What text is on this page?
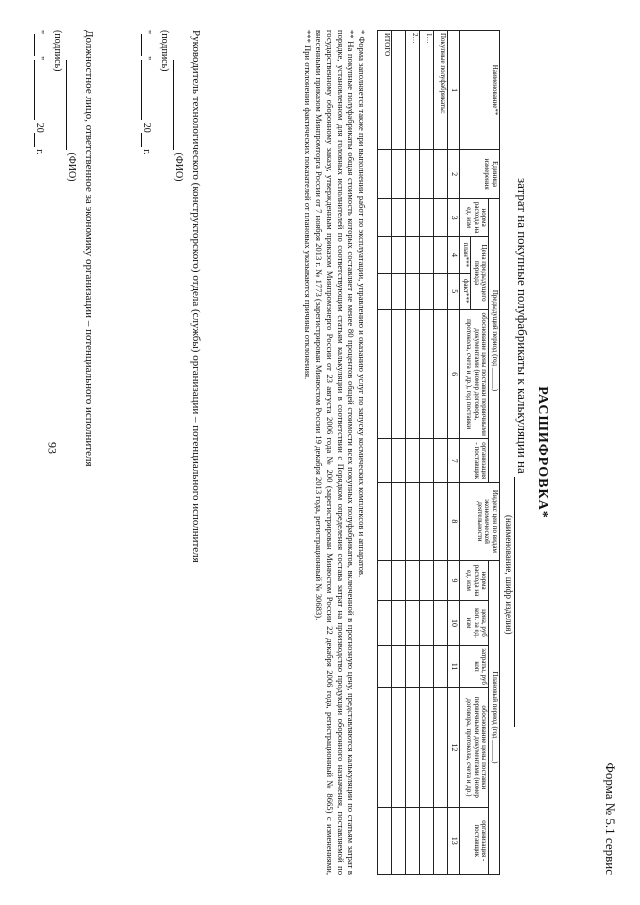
93
Форма № 5.1 сервис
РАСШИФРОВКА*
затрат на покупные полуфабрикаты к калькуляции на
(наименование, шифр изделия)
Наименование**	Единица измерения	Предыдущий период (год ______)					Индекс цен по видам экономической деятельности	Плановый период (год ______)				
		норма расхода на ед. изм	Цена предыдущего периода		обоснование цены поставки первичными документами (номер договора, протокола, счета и др.), год поставки	организация - поставщик		норма расхода на ед. изм	цена, руб коп. за ед. изм	затраты, руб коп	обоснование цены поставки первичными документами (номер договора, протокола, счета и др.)	организация - поставщик
			план***	факт***								
1	2	3	4	5	6	7	8	9	10	11	12	13
Покупные полуфабрикаты:												
1…												
2…												

ИТОГО												

* Форма заполняется также при выполнении работ по эксплуатации, управлению и оказанию услуг по запуску космических комплексов и аппаратов.

** На покупные полуфабрикаты общая стоимость которых составляет не менее 80 процентов общей стоимости всех покупных полуфабрикатов, включенной в прогнозную цену, представляются калькуляции по статьям затрат в порядке, установленном для головных исполнителей по соответствующим статьям калькуляции в соответствии с Порядком определения состава затрат на производство продукции оборонного назначения, поставляемой по государственному оборонному заказу, утвержденным приказом Минпромэнерго России от 23 августа 2006 года № 200 (зарегистрирован Минюстом России 22 декабря 2006 года, регистрационный № 8665) с изменениями, внесенными приказом Минпромторга России от 7 ноября 2013 г. № 1773 (зарегистрирован Минюстом России 19 декабря 2013 года, регистрационный № 30683).

*** При отклонении фактических показателей от плановых указываются причины отклонения.

Руководитель технологического (конструкторского) отдела (службы) организации – потенциального исполнителя
(ФИО)
(подпись)
"" 20 г.
Должностное лицо, ответственное за экономику организации – потенциального исполнителя
(ФИО)
(подпись)
"" 20 г.
